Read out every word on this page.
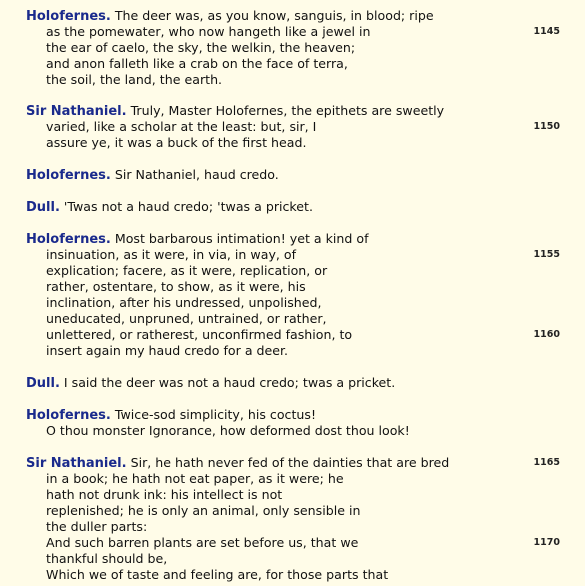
Holofernes. The deer was, as you know, sanguis, in blood; ripe
as the pomewater, who now hangeth like a jewel in	1145
the ear of caelo, the sky, the welkin, the heaven;
and anon falleth like a crab on the face of terra,
the soil, the land, the earth.
Sir Nathaniel. Truly, Master Holofernes, the epithets are sweetly
varied, like a scholar at the least: but, sir, I	1150
assure ye, it was a buck of the first head.
Holofernes. Sir Nathaniel, haud credo.
Dull. 'Twas not a haud credo; 'twas a pricket.
Holofernes. Most barbarous intimation! yet a kind of
insinuation, as it were, in via, in way, of	1155
explication; facere, as it were, replication, or
rather, ostentare, to show, as it were, his
inclination, after his undressed, unpolished,
uneducated, unpruned, untrained, or rather,
unlettered, or ratherest, unconfirmed fashion, to	1160
insert again my haud credo for a deer.
Dull. I said the deer was not a haud credo; twas a pricket.
Holofernes. Twice-sod simplicity, his coctus!
O thou monster Ignorance, how deformed dost thou look!
Sir Nathaniel. Sir, he hath never fed of the dainties that are bred	1165
in a book; he hath not eat paper, as it were; he
hath not drunk ink: his intellect is not
replenished; he is only an animal, only sensible in
the duller parts:
And such barren plants are set before us, that we	1170
thankful should be,
Which we of taste and feeling are, for those parts that
